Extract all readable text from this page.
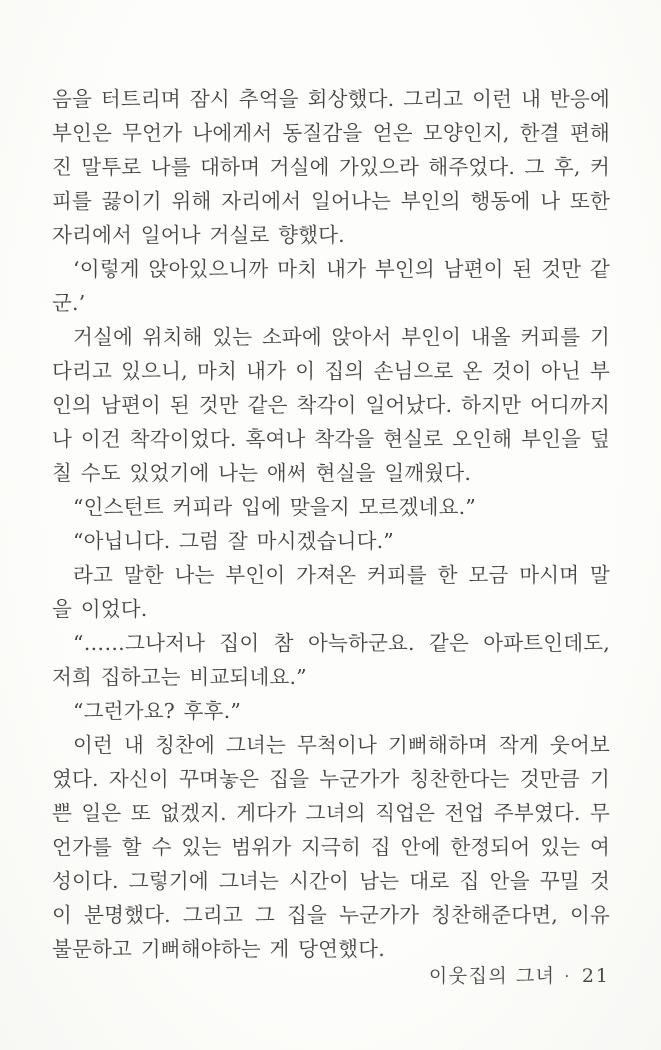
음을 터트리며 잠시 추억을 회상했다. 그리고 이런 내 반응에 부인은 무언가 나에게서 동질감을 얻은 모양인지, 한결 편해진 말투로 나를 대하며 거실에 가있으라 해주었다. 그 후, 커피를 끓이기 위해 자리에서 일어나는 부인의 행동에 나 또한 자리에서 일어나 거실로 향했다.

‘이렇게 앉아있으니까 마치 내가 부인의 남편이 된 것만 같군.’

거실에 위치해 있는 소파에 앉아서 부인이 내올 커피를 기다리고 있으니, 마치 내가 이 집의 손님으로 온 것이 아닌 부인의 남편이 된 것만 같은 착각이 일어났다. 하지만 어디까지나 이건 착각이었다. 혹여나 착각을 현실로 오인해 부인을 덮칠 수도 있었기에 나는 애써 현실을 일깨웠다.

“인스턴트 커피라 입에 맞을지 모르겠네요.”

“아닙니다. 그럼 잘 마시겠습니다.”

라고 말한 나는 부인이 가져온 커피를 한 모금 마시며 말을 이었다.

“……그나저나 집이 참 아늑하군요. 같은 아파트인데도, 저희 집하고는 비교되네요.”

“그런가요? 후후.”

이런 내 칭찬에 그녀는 무척이나 기뻐해하며 작게 웃어보였다. 자신이 꾸며놓은 집을 누군가가 칭찬한다는 것만큼 기쁜 일은 또 없겠지. 게다가 그녀의 직업은 전업 주부였다. 무언가를 할 수 있는 범위가 지극히 집 안에 한정되어 있는 여성이다. 그렇기에 그녀는 시간이 남는 대로 집 안을 꾸밀 것이 분명했다. 그리고 그 집을 누군가가 칭찬해준다면, 이유 불문하고 기뻐해야하는 게 당연했다.

이웃집의 그녀 · 21
